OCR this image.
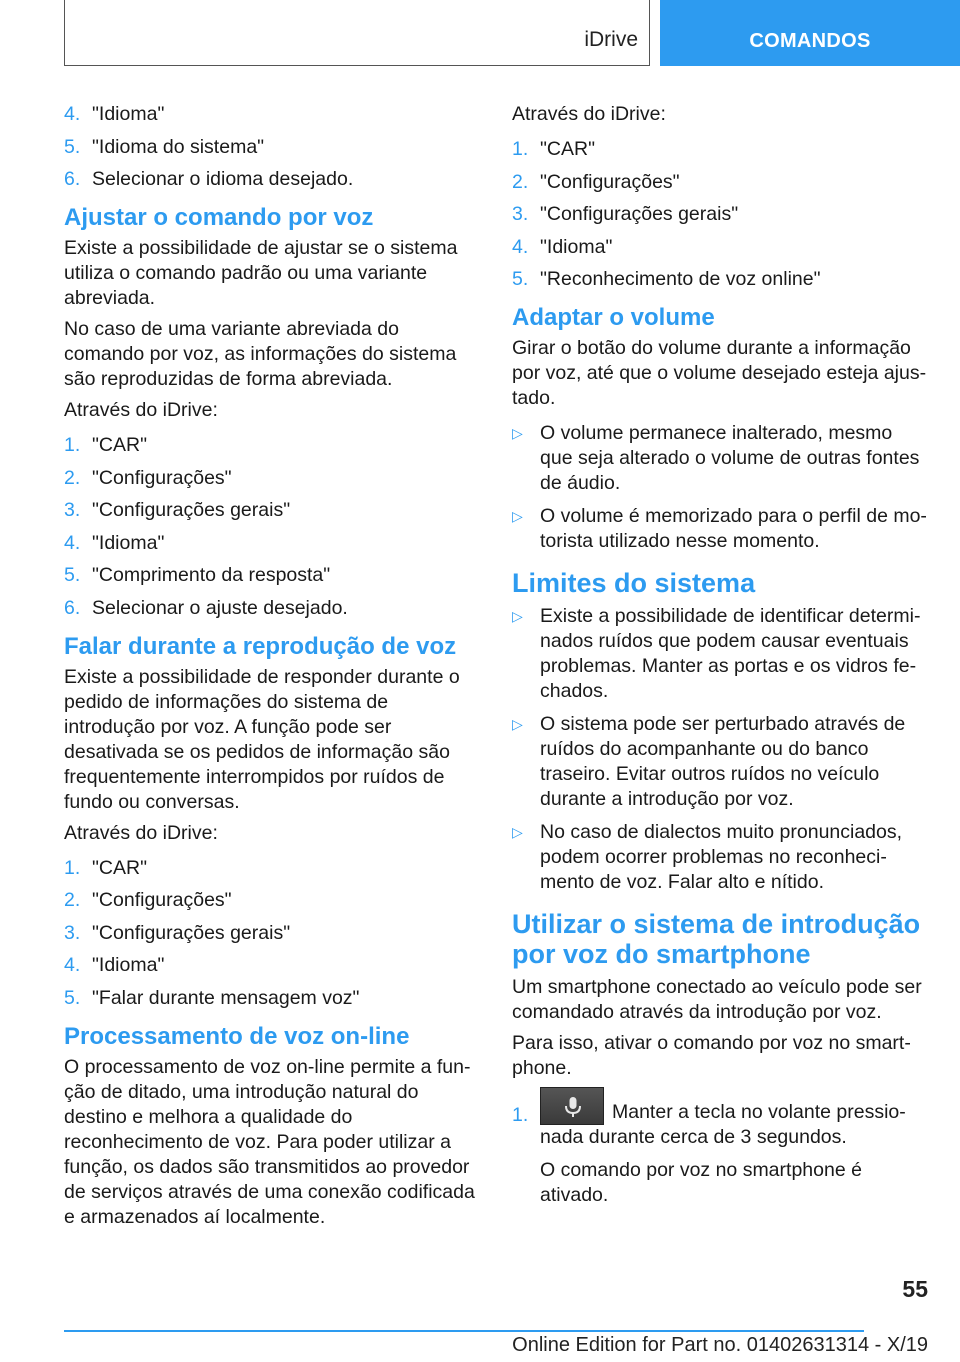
iDrive	COMANDOS
4. "Idioma"
5. "Idioma do sistema"
6. Selecionar o idioma desejado.
Ajustar o comando por voz
Existe a possibilidade de ajustar se o sistema utiliza o comando padrão ou uma variante abreviada.
No caso de uma variante abreviada do comando por voz, as informações do sistema são reproduzidas de forma abreviada.
Através do iDrive:
1. "CAR"
2. "Configurações"
3. "Configurações gerais"
4. "Idioma"
5. "Comprimento da resposta"
6. Selecionar o ajuste desejado.
Falar durante a reprodução de voz
Existe a possibilidade de responder durante o pedido de informações do sistema de introdução por voz. A função pode ser desativada se os pedidos de informação são frequentemente interrompidos por ruídos de fundo ou conversas.
Através do iDrive:
1. "CAR"
2. "Configurações"
3. "Configurações gerais"
4. "Idioma"
5. "Falar durante mensagem voz"
Processamento de voz on-line
O processamento de voz on-line permite a função de ditado, uma introdução natural do destino e melhora a qualidade do reconhecimento de voz. Para poder utilizar a função, os dados são transmitidos ao provedor de serviços através de uma conexão codificada e armazenados aí localmente.
Através do iDrive:
1. "CAR"
2. "Configurações"
3. "Configurações gerais"
4. "Idioma"
5. "Reconhecimento de voz online"
Adaptar o volume
Girar o botão do volume durante a informação por voz, até que o volume desejado esteja ajustado.
▷ O volume permanece inalterado, mesmo que seja alterado o volume de outras fontes de áudio.
▷ O volume é memorizado para o perfil de motorista utilizado nesse momento.
Limites do sistema
▷ Existe a possibilidade de identificar determinados ruídos que podem causar eventuais problemas. Manter as portas e os vidros fechados.
▷ O sistema pode ser perturbado através de ruídos do acompanhante ou do banco traseiro. Evitar outros ruídos no veículo durante a introdução por voz.
▷ No caso de dialectos muito pronunciados, podem ocorrer problemas no reconhecimento de voz. Falar alto e nítido.
Utilizar o sistema de introdução por voz do smartphone
Um smartphone conectado ao veículo pode ser comandado através da introdução por voz.
Para isso, ativar o comando por voz no smartphone.
1.	Manter a tecla no volante pressionada durante cerca de 3 segundos.
O comando por voz no smartphone é ativado.
55
Online Edition for Part no. 01402631314 - X/19
